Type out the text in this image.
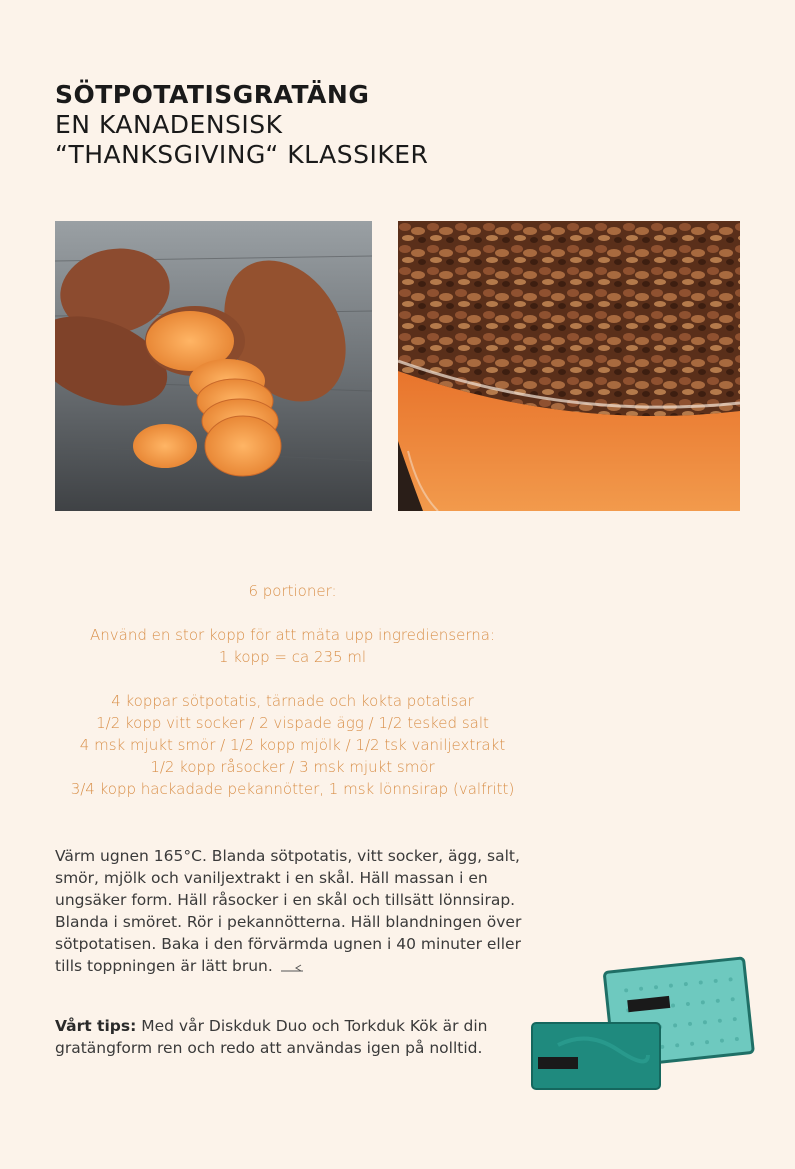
SÖTPOTATISGRATÄNG
EN KANADENSISK
“THANKSGIVING“ KLASSIKER
6 portioner:
Använd en stor kopp för att mäta upp ingredienserna:
1 kopp = ca 235 ml
4 koppar sötpotatis, tärnade och kokta potatisar
1/2 kopp vitt socker / 2 vispade ägg / 1/2 tesked salt
4 msk mjukt smör / 1/2 kopp mjölk / 1/2 tsk vaniljextrakt
1/2 kopp råsocker / 3 msk mjukt smör
3/4 kopp hackadade pekannötter, 1 msk lönnsirap (valfritt)
Värm ugnen 165°C. Blanda sötpotatis, vitt socker, ägg, salt, smör, mjölk och vaniljextrakt i en skål. Häll massan i en ungsäker form. Häll råsocker i en skål och tillsätt lönnsirap. Blanda i smöret. Rör i pekannötterna. Häll blandningen över sötpotatisen. Baka i den förvärmda ugnen i 40 minuter eller tills toppningen är lätt brun.
Vårt tips: Med vår Diskduk Duo och Torkduk Kök är din gratängform ren och redo att användas igen på nolltid.
